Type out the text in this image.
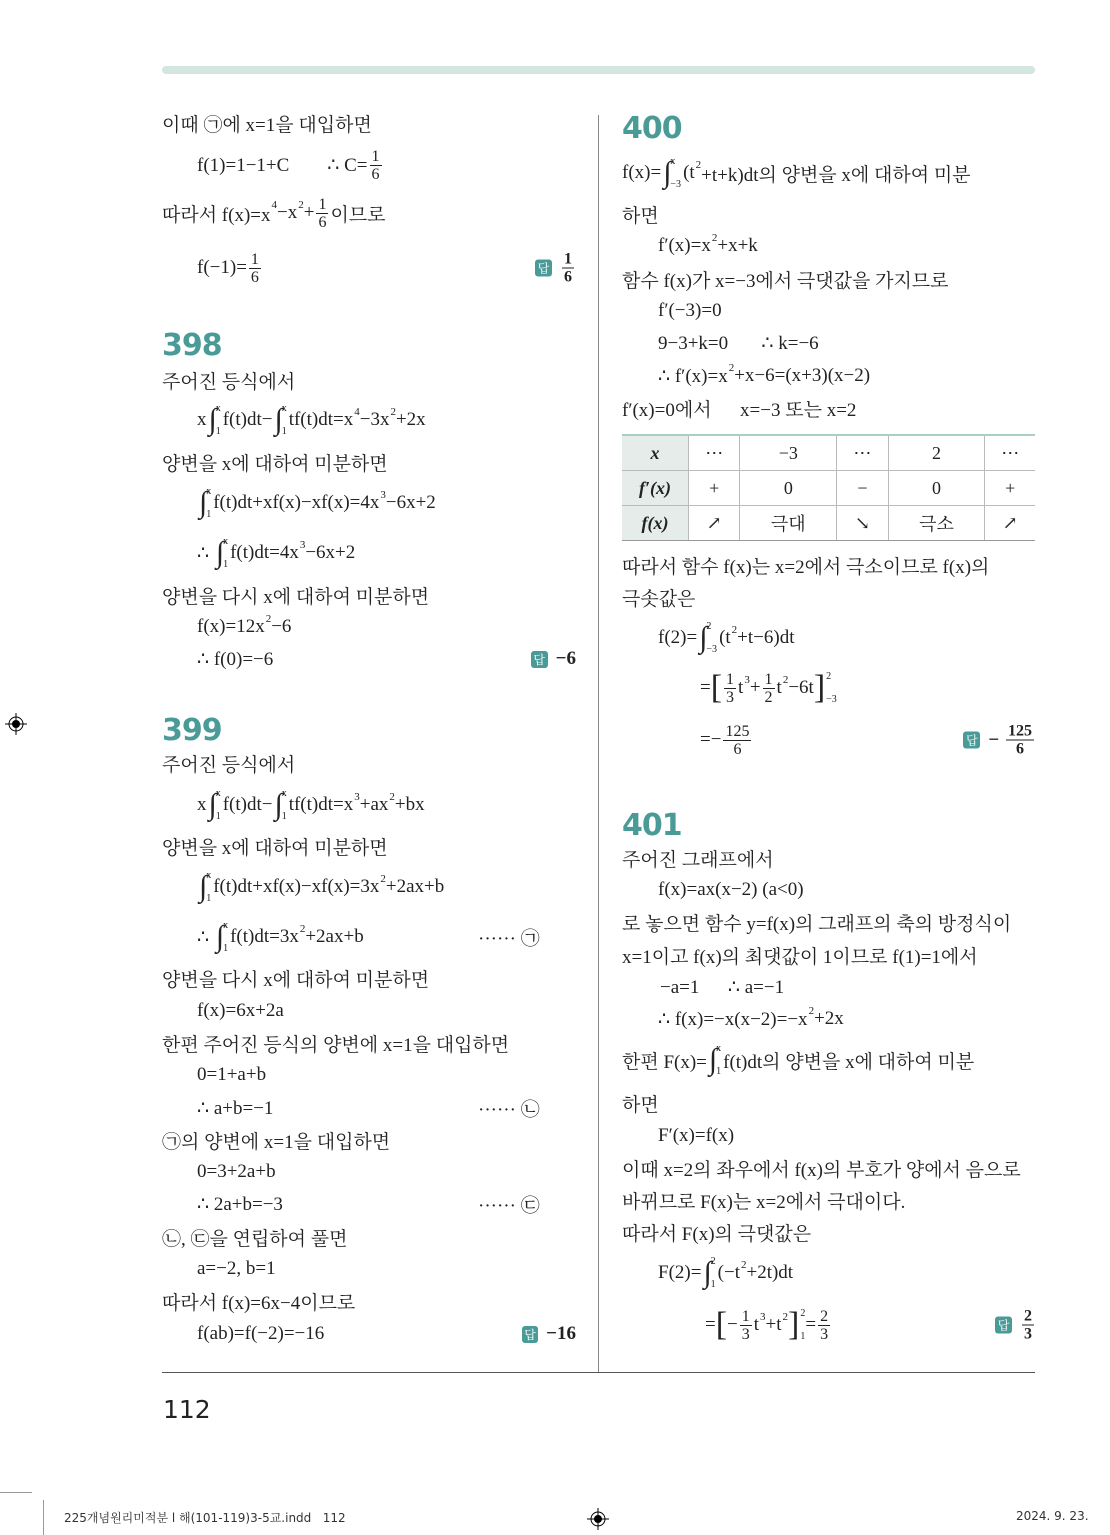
이때 ㉠에 x=1을 대입하면
f(1)=1−1+C        ∴ $C= \frac{1}{6}$
따라서 f(x)=x 4 −x $2 + \frac{1}{6}$ 이므로
$f(-1)= \frac{1}{6}$	답 $\frac{1}{6}$
398
주어진 등식에서
x ∫ x
1
f(t)dt− ∫ x
1
tf(t)dt=x 4 −3x 2 +2x
양변을 x에 대하여 미분하면
∫ x
1
f(t)dt+xf(x)−xf(x)=4x 3 −6x+2
∴ ∫ x
1
f(t)dt=4x 3 −6x+2
양변을 다시 x에 대하여 미분하면
f(x)=12x 2 −6
∴ f(0)=−6	답 −6
399
주어진 등식에서
x ∫ x
1
f(t)dt− ∫ x
1
tf(t)dt=x 3 +ax 2 +bx
양변을 x에 대하여 미분하면
∫ x
1
f(t)dt+xf(x)−xf(x)=3x 2 +2ax+b
∴ ∫ x
1
f(t)dt=3x 2 +2ax+b	······ ㉠
양변을 다시 x에 대하여 미분하면
f(x)=6x+2a
한편 주어진 등식의 양변에 x=1을 대입하면
0=1+a+b
∴ a+b=−1	······ ㉡
㉠의 양변에 x=1을 대입하면
0=3+2a+b
∴ 2a+b=−3	······ ㉢
㉡, ㉢을 연립하여 풀면
a=−2, b=1
따라서 f(x)=6x−4이므로
f(ab)=f(−2)=−16	답 −16
400
f(x)= ∫ x
−3
(t 2 +t+k)dt의 양변을 x에 대하여 미분
하면
f′(x)=x 2 +x+k
함수 f(x)가 x=−3에서 극댓값을 가지므로
f′(−3)=0
9−3+k=0       ∴ k=−6
∴ f′(x)=x 2 +x−6=(x+3)(x−2)
f′(x)=0에서      x=−3 또는 x=2
따라서 함수 f(x)는 x=2에서 극소이므로 f(x)의
극솟값은
f(2)= ∫ 2
−3
(t 2 +t−6)dt
= [ $\frac{1}{3}$ t $3 + \frac{1}{2}$ t 2 −6t ] 2
−3
=− $\frac{125}{6}$	답 − $\frac{125}{6}$
401
주어진 그래프에서
f(x)=ax(x−2) (a<0)
로 놓으면 함수 y=f(x)의 그래프의 축의 방정식이
x=1이고 f(x)의 최댓값이 1이므로 f(1)=1에서
−a=1      ∴ a=−1
∴ f(x)=−x(x−2)=−x 2 +2x
한편 F(x)= ∫ x
1 f(t)dt의 양변을 x에 대하여 미분
하면
F′(x)=f(x)
이때 x=2의 좌우에서 f(x)의 부호가 양에서 음으로
바뀌므로 F(x)는 x=2에서 극대이다.
따라서 F(x)의 극댓값은
F(2)= ∫ 2
1
(−t 2 +2t)dt
= [ − $\frac{1}{3}$ t 3 +t 2 ] 2
1
= $\frac{2}{3}$	답 $\frac{2}{3}$
x	⋯	−3	⋯	2	⋯
f′(x)	+	0	−	0	+
f(x)	↗	극대	↘	극소	↗
112
225개념원리미적분 l 해(101-119)3-5교.indd   112	2024. 9. 23.
